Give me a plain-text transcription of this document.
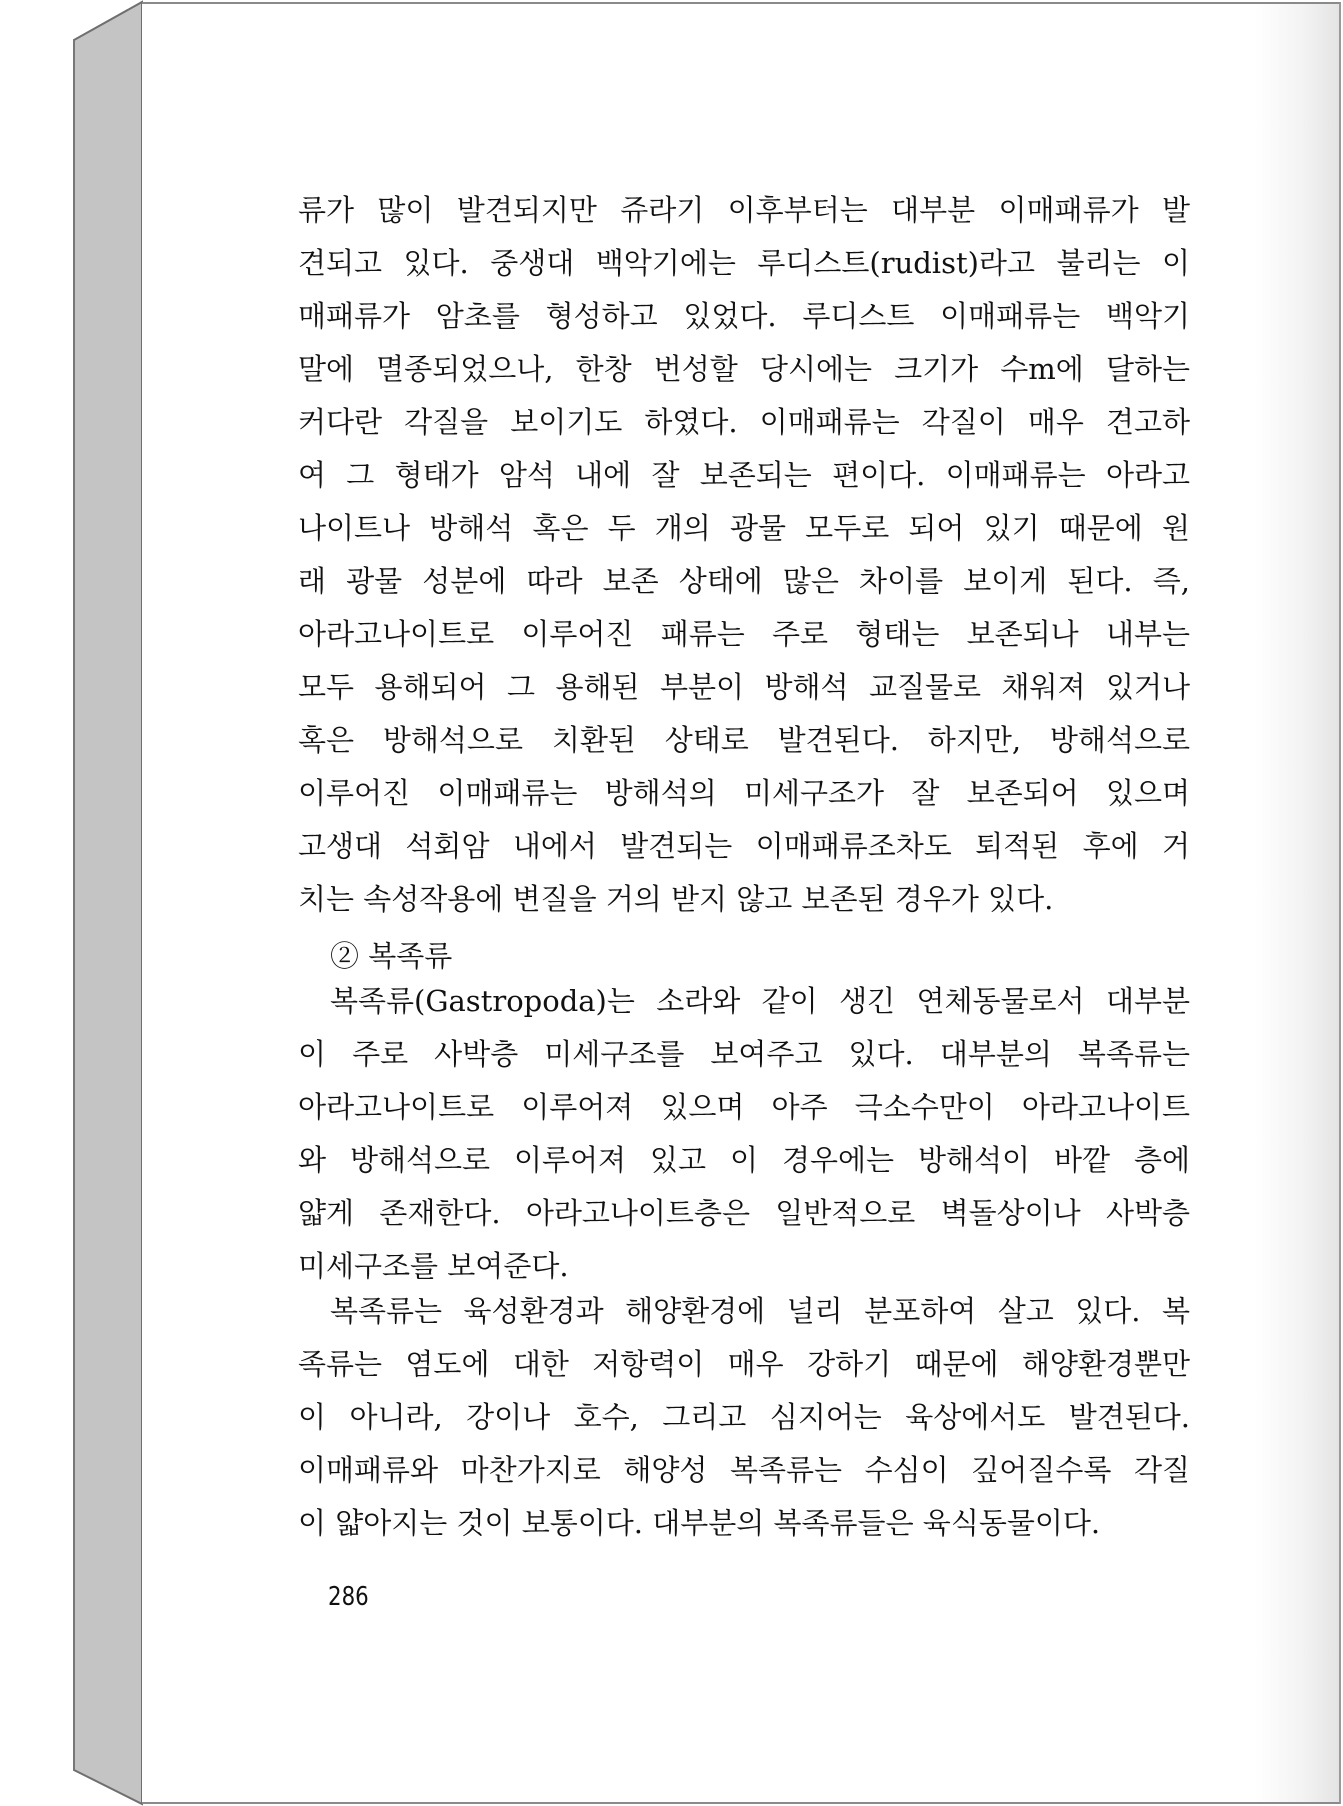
류가 많이 발견되지만 쥬라기 이후부터는 대부분 이매패류가 발
견되고 있다. 중생대 백악기에는 루디스트(rudist)라고 불리는 이
매패류가 암초를 형성하고 있었다. 루디스트 이매패류는 백악기
말에 멸종되었으나, 한창 번성할 당시에는 크기가 수m에 달하는
커다란 각질을 보이기도 하였다. 이매패류는 각질이 매우 견고하
여 그 형태가 암석 내에 잘 보존되는 편이다. 이매패류는 아라고
나이트나 방해석 혹은 두 개의 광물 모두로 되어 있기 때문에 원
래 광물 성분에 따라 보존 상태에 많은 차이를 보이게 된다. 즉,
아라고나이트로 이루어진 패류는 주로 형태는 보존되나 내부는
모두 용해되어 그 용해된 부분이 방해석 교질물로 채워져 있거나
혹은 방해석으로 치환된 상태로 발견된다. 하지만, 방해석으로
이루어진 이매패류는 방해석의 미세구조가 잘 보존되어 있으며
고생대 석회암 내에서 발견되는 이매패류조차도 퇴적된 후에 거
치는 속성작용에 변질을 거의 받지 않고 보존된 경우가 있다.
② 복족류
복족류(Gastropoda)는 소라와 같이 생긴 연체동물로서 대부분
이 주로 사박층 미세구조를 보여주고 있다. 대부분의 복족류는
아라고나이트로 이루어져 있으며 아주 극소수만이 아라고나이트
와 방해석으로 이루어져 있고 이 경우에는 방해석이 바깥 층에
얇게 존재한다. 아라고나이트층은 일반적으로 벽돌상이나 사박층
미세구조를 보여준다.
복족류는 육성환경과 해양환경에 널리 분포하여 살고 있다. 복
족류는 염도에 대한 저항력이 매우 강하기 때문에 해양환경뿐만
이 아니라, 강이나 호수, 그리고 심지어는 육상에서도 발견된다.
이매패류와 마찬가지로 해양성 복족류는 수심이 깊어질수록 각질
이 얇아지는 것이 보통이다. 대부분의 복족류들은 육식동물이다.
286
